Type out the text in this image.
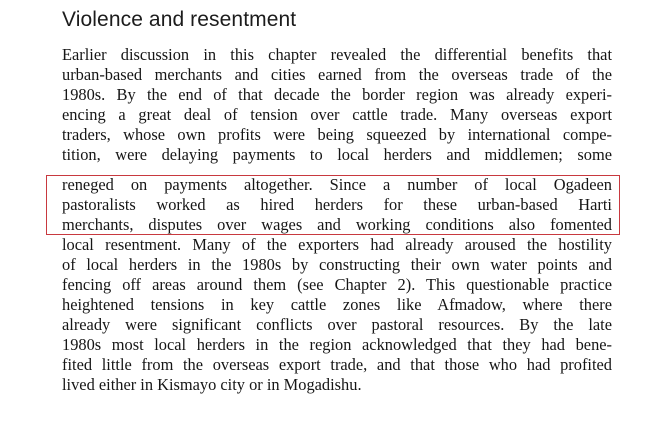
Violence and resentment
Earlier discussion in this chapter revealed the differential benefits that
urban-based merchants and cities earned from the overseas trade of the
1980s. By the end of that decade the border region was already experi-
encing a great deal of tension over cattle trade. Many overseas export
traders, whose own profits were being squeezed by international compe-
tition, were delaying payments to local herders and middlemen; some
reneged on payments altogether. Since a number of local Ogadeen
pastoralists worked as hired herders for these urban-based Harti
merchants, disputes over wages and working conditions also fomented
local resentment. Many of the exporters had already aroused the hostility
of local herders in the 1980s by constructing their own water points and
fencing off areas around them (see Chapter 2). This questionable practice
heightened tensions in key cattle zones like Afmadow, where there
already were significant conflicts over pastoral resources. By the late
1980s most local herders in the region acknowledged that they had bene-
fited little from the overseas export trade, and that those who had profited
lived either in Kismayo city or in Mogadishu.
